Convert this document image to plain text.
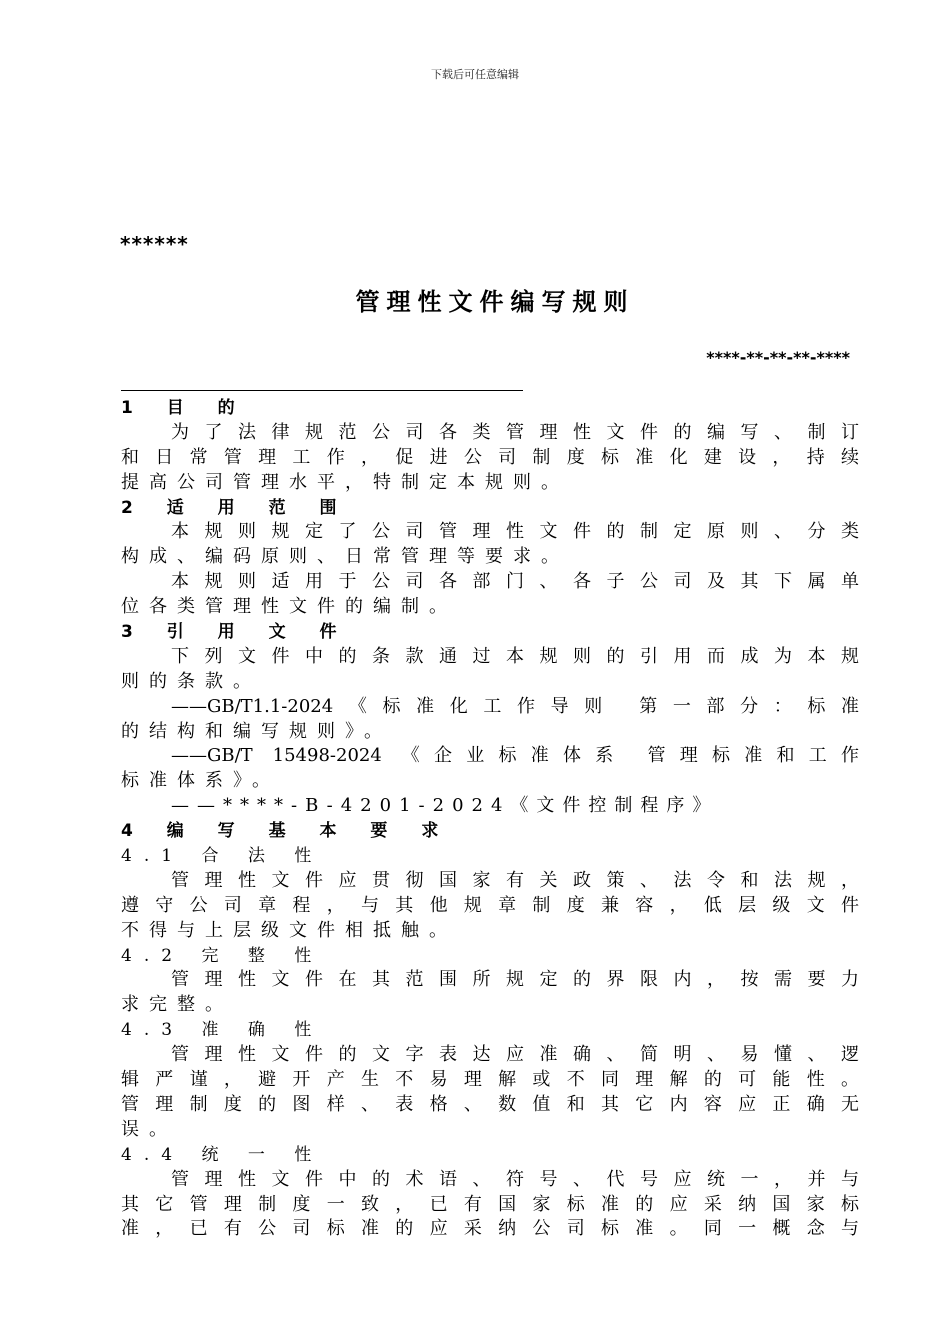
下载后可任意编辑
******
管理性文件编写规则
****-**-**-**-****
1 目 的
为了法律规范公司各类管理性文件的编写、制订
和日常管理工作，促进公司制度标准化建设，持续
提高公司管理水平，特制定本规则。
2 适 用 范 围
本规则规定了公司管理性文件的制定原则、分类
构成、编码原则、日常管理等要求。
本规则适用于公司各部门、各子公司及其下属单
位各类管理性文件的编制。
3 引 用 文 件
下列文件中的条款通过本规则的引用而成为本规
则的条款。
——GB/T1.1-2024《标准化工作导则 第一部分：标准
的结构和编写规则》。
——GB/T 15498-2024 《企业标准体系 管理标准和工作
标准体系》。
——****-B-4201-2024《文件控制程序》
4 编 写 基 本 要 求
4.1 合 法 性
管理性文件应贯彻国家有关政策、法令和法规，
遵守公司章程，与其他规章制度兼容，低层级文件
不得与上层级文件相抵触。
4.2 完 整 性
管理性文件在其范围所规定的界限内，按需要力
求完整。
4.3 准 确 性
管理性文件的文字表达应准确、简明、易懂、逻
辑严谨，避开产生不易理解或不同理解的可能性。
管理制度的图样、表格、数值和其它内容应正确无
误。
4.4 统 一 性
管理性文件中的术语、符号、代号应统一，并与
其它管理制度一致，已有国家标准的应采纳国家标
准，已有公司标准的应采纳公司标准。同一概念与
